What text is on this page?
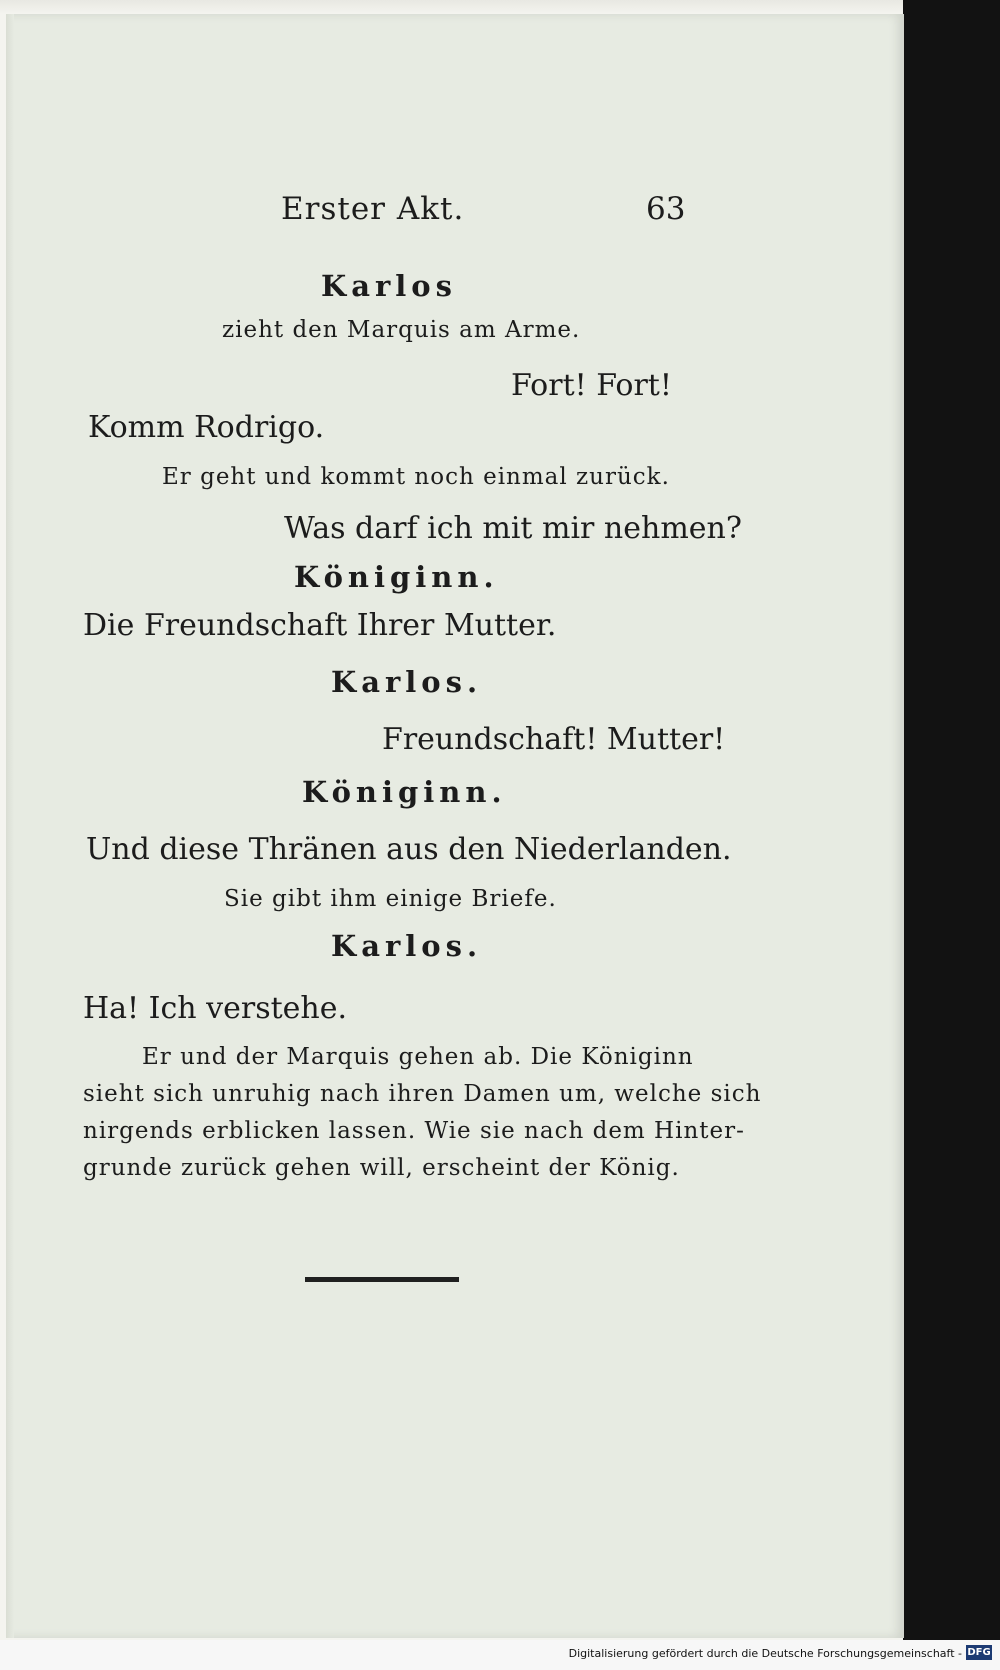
Erster Akt.	63
Karlos
zieht den Marquis am Arme.
Fort! Fort!
Komm Rodrigo.
Er geht und kommt noch einmal zurück.
Was darf ich mit mir nehmen?
Königinn.
Die Freundschaft Ihrer Mutter.
Karlos.
Freundschaft! Mutter!
Königinn.
Und diese Thränen aus den Niederlanden.
Sie gibt ihm einige Briefe.
Karlos.
Ha! Ich verstehe.
Er und der Marquis gehen ab. Die Königinn
sieht sich unruhig nach ihren Damen um, welche sich
nirgends erblicken lassen. Wie sie nach dem Hinter-
grunde zurück gehen will, erscheint der König.
Digitalisierung gefördert durch die Deutsche Forschungsgemeinschaft - DFG
